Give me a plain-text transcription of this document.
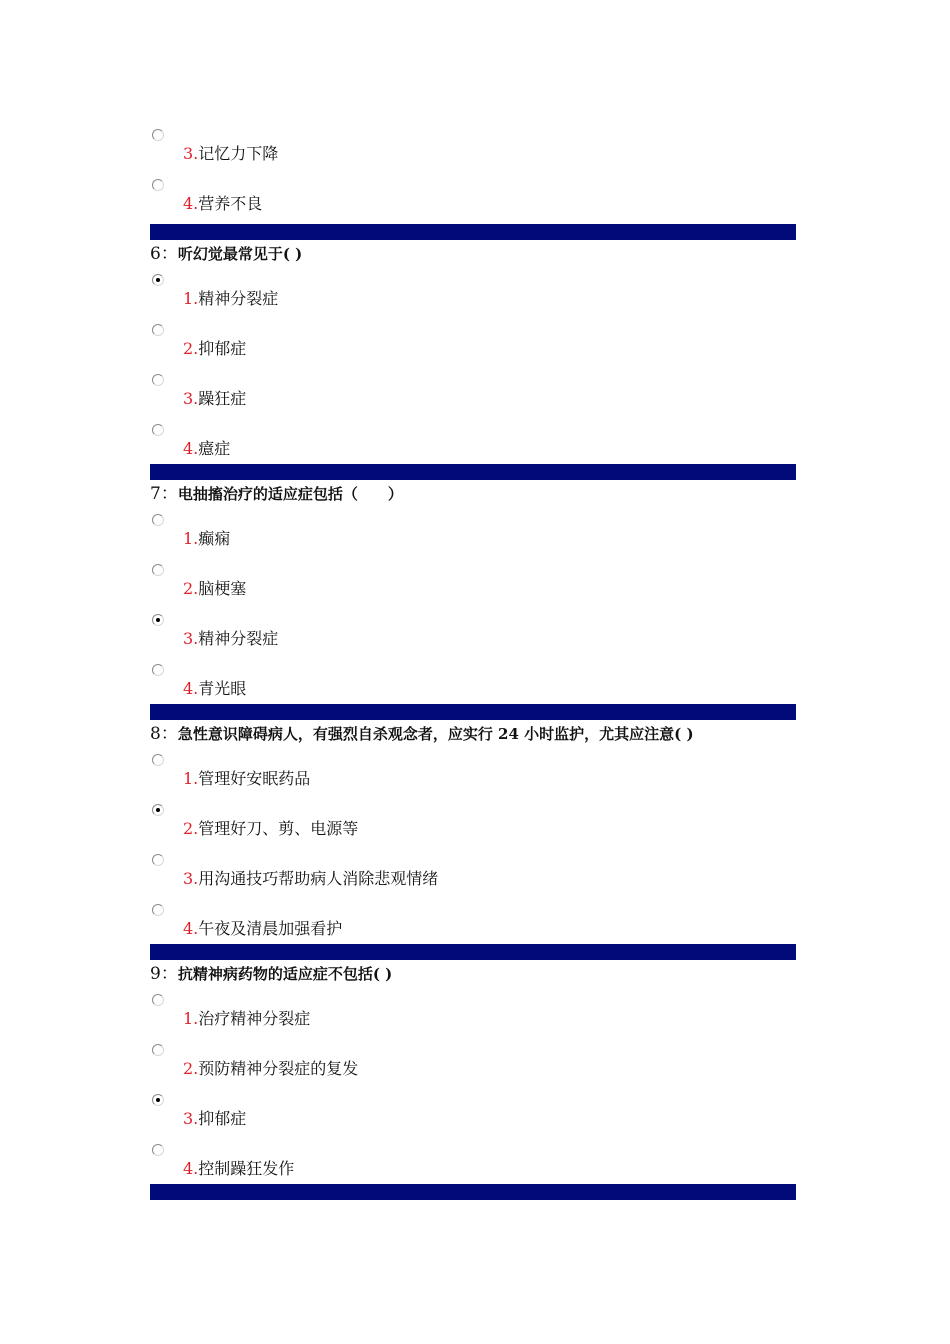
3.记忆力下降
4.营养不良
6：听幻觉最常见于( )
1.精神分裂症
2.抑郁症
3.躁狂症
4.癔症
7：电抽搐治疗的适应症包括（　　）
1.癫痫
2.脑梗塞
3.精神分裂症
4.青光眼
8：急性意识障碍病人，有强烈自杀观念者，应实行 24 小时监护，尤其应注意( )
1.管理好安眠药品
2.管理好刀、剪、电源等
3.用沟通技巧帮助病人消除悲观情绪
4.午夜及清晨加强看护
9：抗精神病药物的适应症不包括( )
1.治疗精神分裂症
2.预防精神分裂症的复发
3.抑郁症
4.控制躁狂发作
